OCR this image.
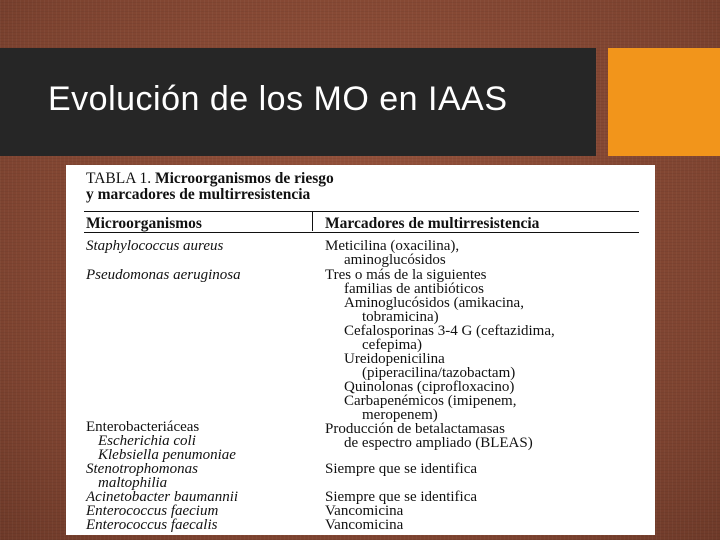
Evolución de los MO en IAAS
TABLA 1. Microorganismos de riesgo
y marcadores de multirresistencia
Microorganismos	Marcadores de multirresistencia
Staphylococcus aureus
Pseudomonas aeruginosa
Enterobacteriáceas
Escherichia coli
Klebsiella penumoniae
Stenotrophomonas
maltophilia
Acinetobacter baumannii
Enterococcus faecium
Enterococcus faecalis
Meticilina (oxacilina),
aminoglucósidos
Tres o más de la siguientes
familias de antibióticos
Aminoglucósidos (amikacina,
tobramicina)
Cefalosporinas 3-4 G (ceftazidima,
cefepima)
Ureidopenicilina
(piperacilina/tazobactam)
Quinolonas (ciprofloxacino)
Carbapenémicos (imipenem,
meropenem)
Producción de betalactamasas
de espectro ampliado (BLEAS)
Siempre que se identifica
Siempre que se identifica
Vancomicina
Vancomicina
